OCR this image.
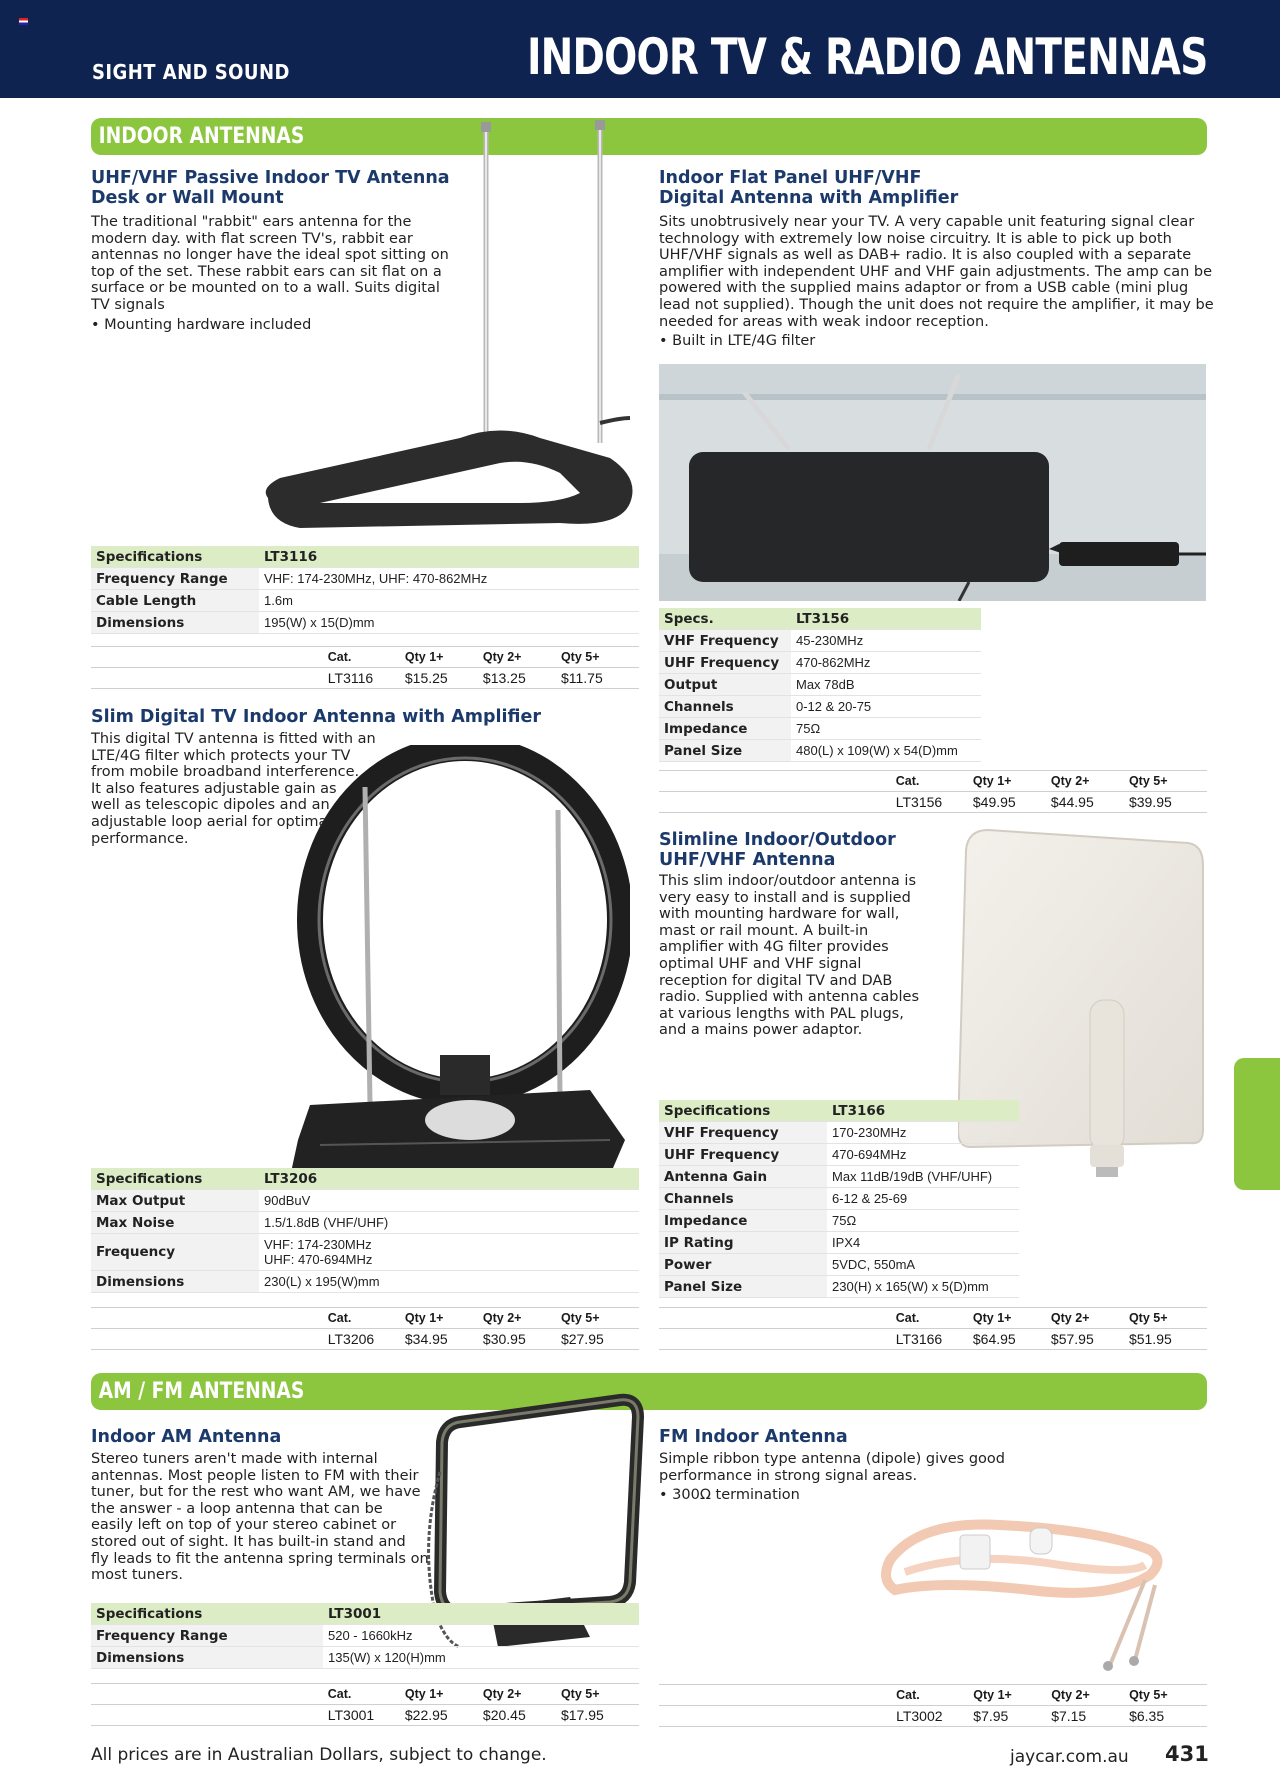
SIGHT AND SOUND	INDOOR TV & RADIO ANTENNAS
INDOOR ANTENNAS
AM / FM ANTENNAS
UHF/VHF Passive Indoor TV Antenna
Desk or Wall Mount
The traditional "rabbit" ears antenna for the
modern day. with flat screen TV's, rabbit ear
antennas no longer have the ideal spot sitting on
top of the set. These rabbit ears can sit flat on a
surface or be mounted on to a wall. Suits digital
TV signals
• Mounting hardware included
Specifications	LT3116
Frequency Range	VHF: 174-230MHz, UHF: 470-862MHz
Cable Length	1.6m
Dimensions	195(W) x 15(D)mm
	Cat.	Qty 1+	Qty 2+	Qty 5+
	LT3116	$15.25	$13.25	$11.75
Indoor Flat Panel UHF/VHF
Digital Antenna with Amplifier
Sits unobtrusively near your TV. A very capable unit featuring signal clear
technology with extremely low noise circuitry. It is able to pick up both
UHF/VHF signals as well as DAB+ radio. It is also coupled with a separate
amplifier with independent UHF and VHF gain adjustments. The amp can be
powered with the supplied mains adaptor or from a USB cable (mini plug
lead not supplied). Though the unit does not require the amplifier, it may be
needed for areas with weak indoor reception.
• Built in LTE/4G filter
Specs.	LT3156
VHF Frequency	45-230MHz
UHF Frequency	470-862MHz
Output	Max 78dB
Channels	0-12 & 20-75
Impedance	75Ω
Panel Size	480(L) x 109(W) x 54(D)mm
	Cat.	Qty 1+	Qty 2+	Qty 5+
	LT3156	$49.95	$44.95	$39.95
Slim Digital TV Indoor Antenna with Amplifier
This digital TV antenna is fitted with an
LTE/4G filter which protects your TV
from mobile broadband interference.
It also features adjustable gain as
well as telescopic dipoles and an
adjustable loop aerial for optimal
performance.
Specifications	LT3206
Max Output	90dBuV
Max Noise	1.5/1.8dB (VHF/UHF)
Frequency	VHF: 174-230MHz
UHF: 470-694MHz

Dimensions	230(L) x 195(W)mm
	Cat.	Qty 1+	Qty 2+	Qty 5+
	LT3206	$34.95	$30.95	$27.95
Slimline Indoor/Outdoor
UHF/VHF Antenna
This slim indoor/outdoor antenna is
very easy to install and is supplied
with mounting hardware for wall,
mast or rail mount. A built-in
amplifier with 4G filter provides
optimal UHF and VHF signal
reception for digital TV and DAB
radio. Supplied with antenna cables
at various lengths with PAL plugs,
and a mains power adaptor.
Specifications	LT3166
VHF Frequency	170-230MHz
UHF Frequency	470-694MHz
Antenna Gain	Max 11dB/19dB (VHF/UHF)
Channels	6-12 & 25-69
Impedance	75Ω
IP Rating	IPX4
Power	5VDC, 550mA
Panel Size	230(H) x 165(W) x 5(D)mm
	Cat.	Qty 1+	Qty 2+	Qty 5+
	LT3166	$64.95	$57.95	$51.95
Indoor AM Antenna
Stereo tuners aren't made with internal
antennas. Most people listen to FM with their
tuner, but for the rest who want AM, we have
the answer - a loop antenna that can be
easily left on top of your stereo cabinet or
stored out of sight. It has built-in stand and
fly leads to fit the antenna spring terminals on
most tuners.
Specifications	LT3001
Frequency Range	520 - 1660kHz
Dimensions	135(W) x 120(H)mm
	Cat.	Qty 1+	Qty 2+	Qty 5+
	LT3001	$22.95	$20.45	$17.95
FM Indoor Antenna
Simple ribbon type antenna (dipole) gives good
performance in strong signal areas.
• 300Ω termination
	Cat.	Qty 1+	Qty 2+	Qty 5+
	LT3002	$7.95	$7.15	$6.35
All prices are in Australian Dollars, subject to change.	jaycar.com.au 431
